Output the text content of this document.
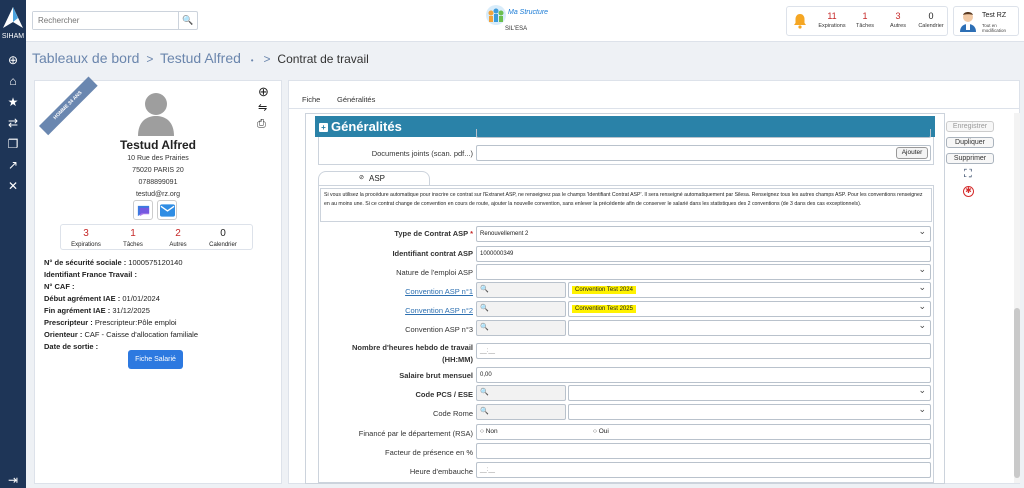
SIHAM
⊕
⌂
★
⇄
❐
↗
✕
⇥
Rechercher
🔍
Ma Structure
SIL'ESA
11
Expirations
1
Tâches
3
Autres
0
Calendrier
Test RZ
Tout en modification
Tableaux de bord > Testud Alfred • > Contrat de travail
HOMME 34 ANS	⊕
⇋
⎙
Testud Alfred
10 Rue des Prairies
75020 PARIS 20
0788899091
testud@rz.org
3
Expirations
1
Tâches
2
Autres
0
Calendrier
N° de sécurité sociale : 1000575120140
Identifiant France Travail :
N° CAF :
Début agrément IAE : 01/01/2024
Fin agrément IAE : 31/12/2025
Prescripteur : Prescripteur:Pôle emploi
Orienteur : CAF - Caisse d'allocation familiale
Date de sortie :
Fiche Salarié
Fiche Généralités
+ Généralités
Documents joints (scan. pdf...)	Ajouter
⊘ ASP
Si vous utilisez la procédure automatique pour inscrire ce contrat sur l'Extranet ASP, ne renseignez pas le champs 'Identifiant Contrat ASP'. Il sera renseigné automatiquement par Silesa. Renseignez tous les autres champs ASP. Pour les conventions renseignez en au moins une. Si ce contrat change de convention en cours de route, ajouter la nouvelle convention, sans enlever la précédente afin de conserver le salarié dans les statistiques des 2 conventions (de 3 dans des cas exceptionnels).
Type de Contrat ASP *	Renouvellement 2 ⌄
Identifiant contrat ASP	1000000349
Nature de l'emploi ASP
⌄
Convention ASP n°1	🔍	Convention Test 2024 ⌄
Convention ASP n°2	🔍	Convention Test 2025 ⌄
Convention ASP n°3	🔍
⌄
Nombre d'heures hebdo de travail (HH:MM)
__:__
Salaire brut mensuel	0,00
Code PCS / ESE	🔍
⌄
Code Rome	🔍
⌄
Financé par le département (RSA) ○ Non	○ Oui
Facteur de présence en %
Heure d'embauche	__:__
Enregistrer
Dupliquer
Supprimer
⛶
✱
